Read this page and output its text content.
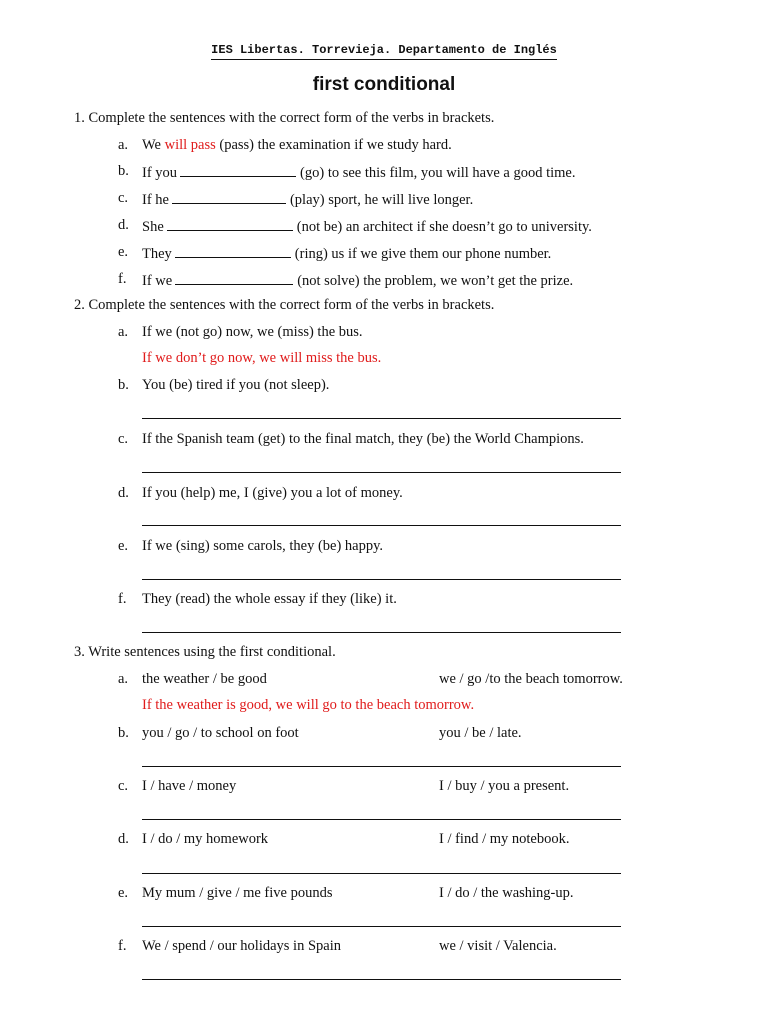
IES Libertas. Torrevieja. Departamento de Inglés
first conditional
1. Complete the sentences with the correct form of the verbs in brackets.
a. We will pass (pass) the examination if we study hard.
b. If you	(go) to see this film, you will have a good time.
c. If he	(play) sport, he will live longer.
d. She	(not be) an architect if she doesn’t go to university.
e. They	(ring) us if we give them our phone number.
f. If we	(not solve) the problem, we won’t get the prize.
2. Complete the sentences with the correct form of the verbs in brackets.
a. If we (not go) now, we (miss) the bus.
If we don’t go now, we will miss the bus.
b. You (be) tired if you (not sleep).
c. If the Spanish team (get) to the final match, they (be) the World Champions.
d. If you (help) me, I (give) you a lot of money.
e. If we (sing) some carols, they (be) happy.
f. They (read) the whole essay if they (like) it.
3. Write sentences using the first conditional.
a. the weather / be good	we / go /to the beach tomorrow.
If the weather is good, we will go to the beach tomorrow.
b. you / go / to school on foot	you / be / late.
c. I / have / money	I / buy / you a present.
d. I / do / my homework	I / find / my notebook.
e. My mum / give / me five pounds	I / do / the washing-up.
f. We / spend / our holidays in Spain	we / visit / Valencia.
